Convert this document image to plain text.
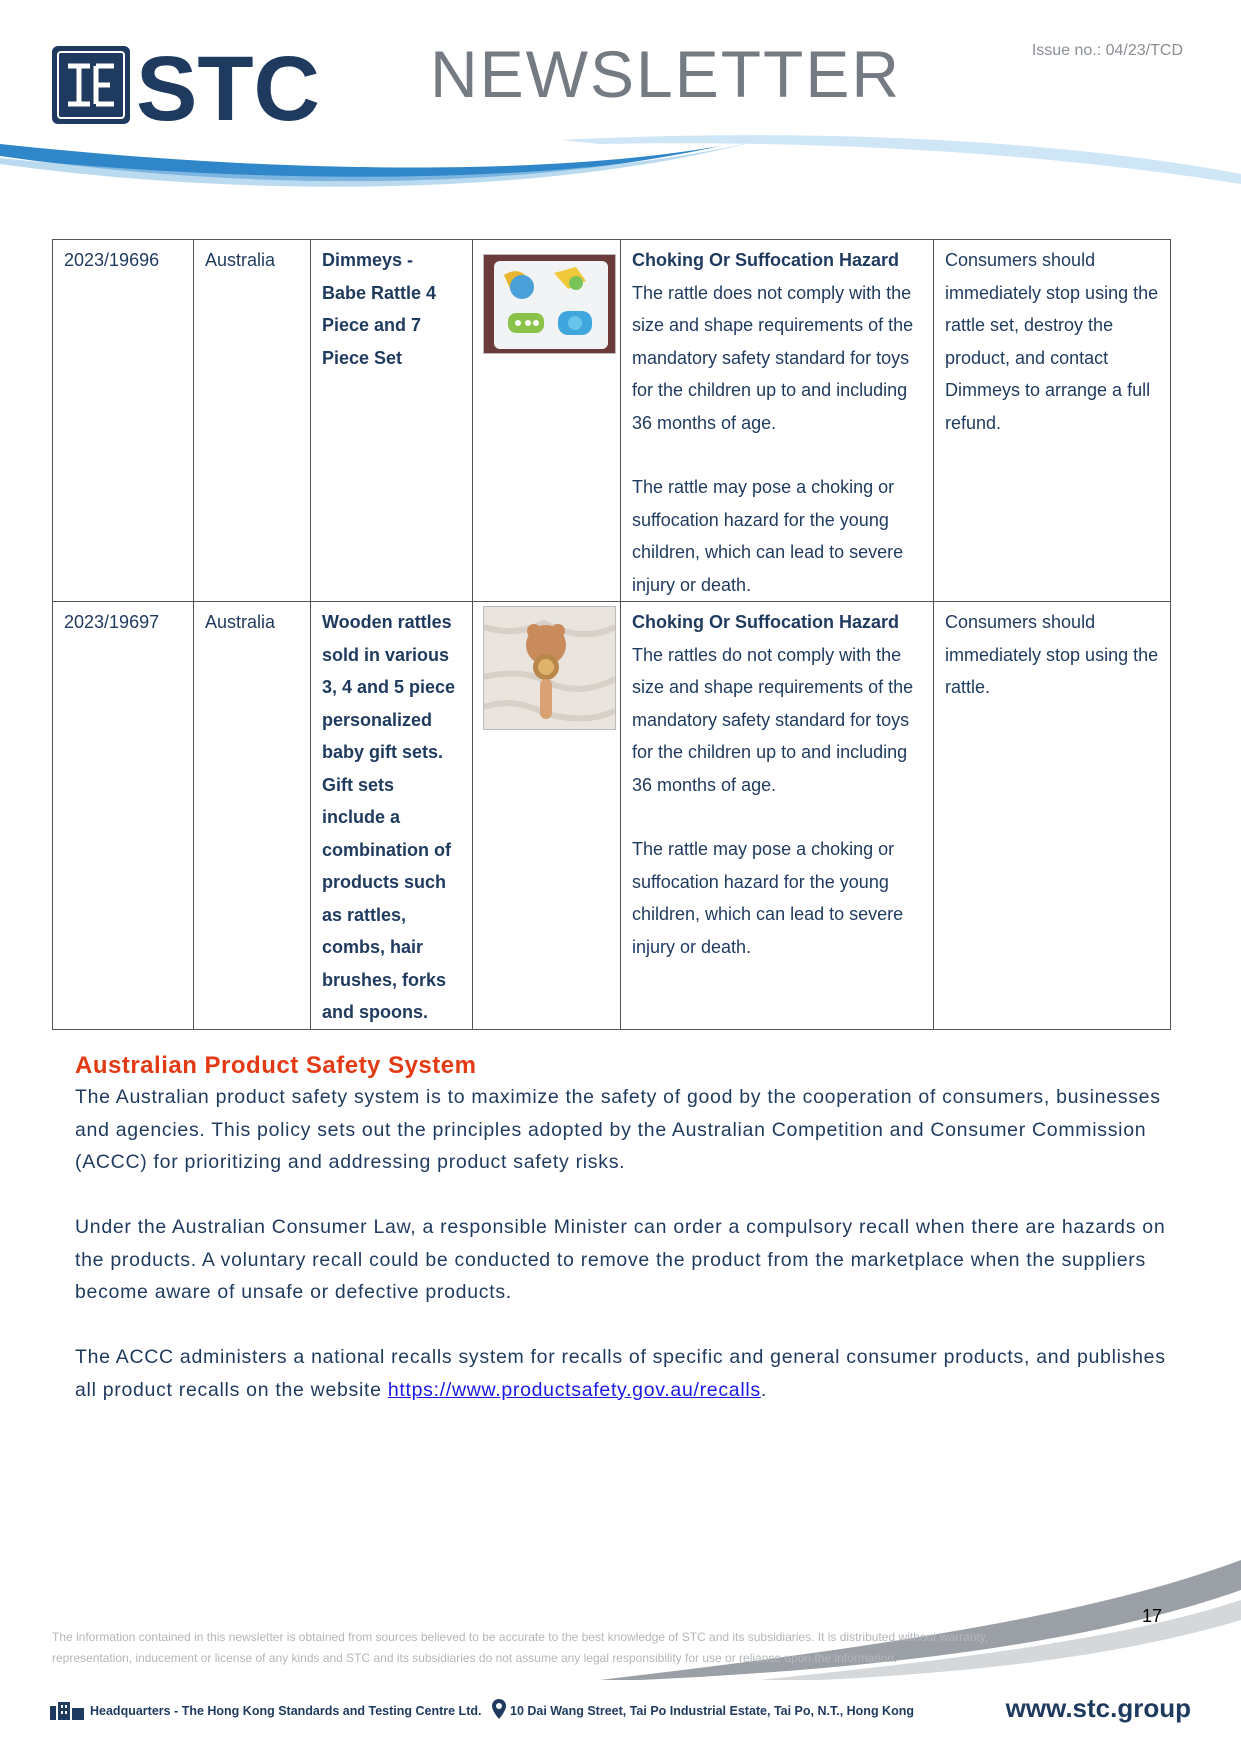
STC NEWSLETTER	Issue no.: 04/23/TCD
2023/19696	Australia	Dimmeys - Babe Rattle 4 Piece and 7 Piece Set		Choking Or Suffocation Hazard
The rattle does not comply with the size and shape requirements of the mandatory safety standard for toys for the children up to and including 36 months of age.
The rattle may pose a choking or suffocation hazard for the young children, which can lead to severe injury or death.	Consumers should immediately stop using the rattle set, destroy the product, and contact Dimmeys to arrange a full refund.
2023/19697	Australia	Wooden rattles sold in various 3, 4 and 5 piece personalized baby gift sets. Gift sets include a combination of products such as rattles, combs, hair brushes, forks and spoons.		Choking Or Suffocation Hazard
The rattles do not comply with the size and shape requirements of the mandatory safety standard for toys for the children up to and including 36 months of age.
The rattle may pose a choking or suffocation hazard for the young children, which can lead to severe injury or death.	Consumers should immediately stop using the rattle.
Australian Product Safety System

The Australian product safety system is to maximize the safety of good by the cooperation of consumers, businesses and agencies. This policy sets out the principles adopted by the Australian Competition and Consumer Commission (ACCC) for prioritizing and addressing product safety risks.

Under the Australian Consumer Law, a responsible Minister can order a compulsory recall when there are hazards on the products. A voluntary recall could be conducted to remove the product from the marketplace when the suppliers become aware of unsafe or defective products.

The ACCC administers a national recalls system for recalls of specific and general consumer products, and publishes all product recalls on the website https://www.productsafety.gov.au/recalls.

17
The information contained in this newsletter is obtained from sources believed to be accurate to the best knowledge of STC and its subsidiaries. It is distributed without warranty, representation, inducement or license of any kinds and STC and its subsidiaries do not assume any legal responsibility for use or reliance upon the information.
Headquarters - The Hong Kong Standards and Testing Centre Ltd. 10 Dai Wang Street, Tai Po Industrial Estate, Tai Po, N.T., Hong Kong	www.stc.group
